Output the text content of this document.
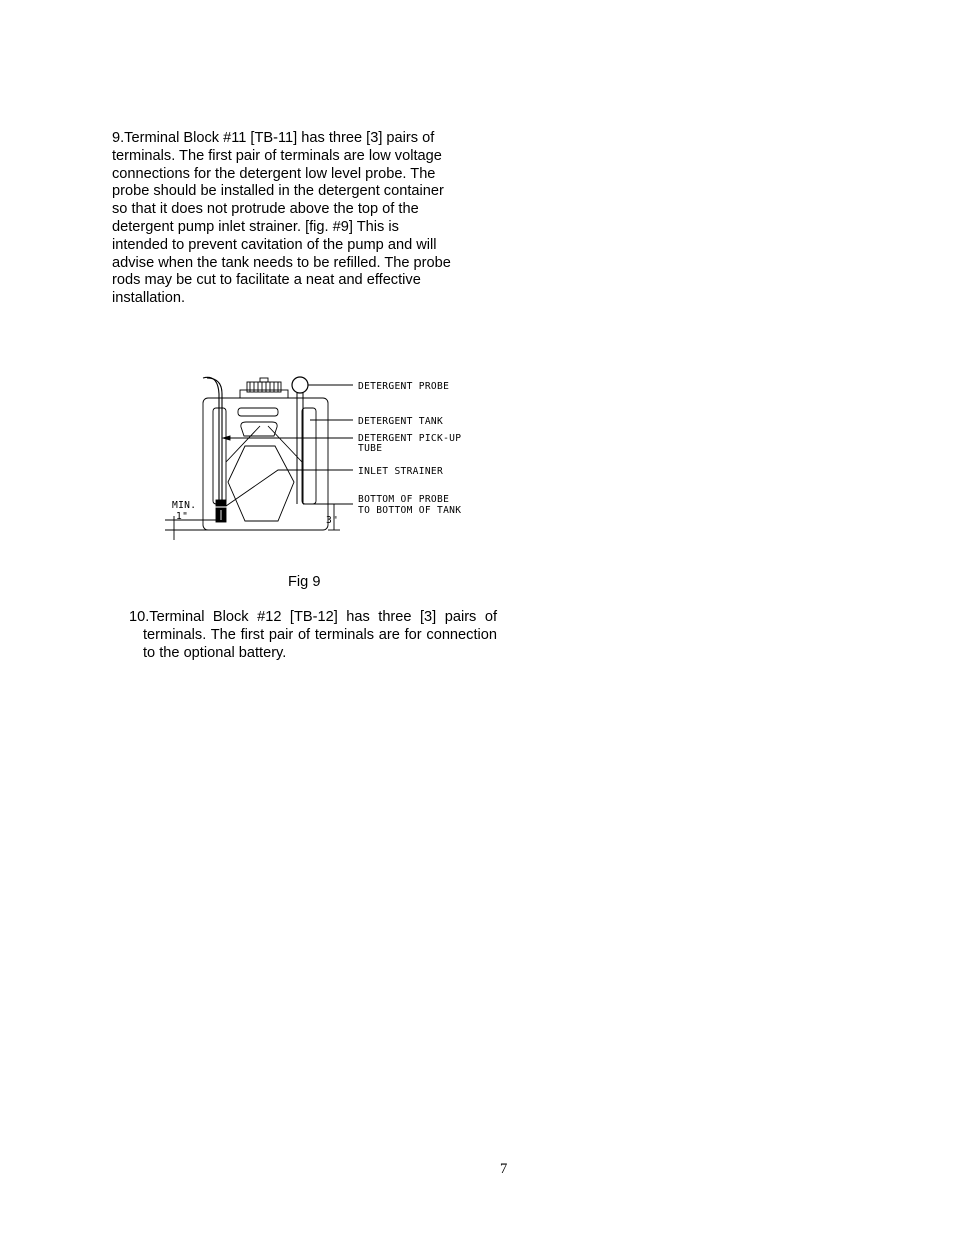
9.Terminal Block #11 [TB-11] has three [3] pairs of
terminals. The first pair of terminals are low voltage
connections for the detergent low level probe. The
probe should be installed in the detergent container
so that it does not protrude above the top of the
detergent pump inlet strainer. [fig. #9] This is
intended to prevent cavitation of the pump and will
advise when the tank needs to be refilled. The probe
rods may be cut to facilitate a neat and effective
installation.
DETERGENT PROBE
DETERGENT TANK
DETERGENT PICK-UP
TUBE
INLET STRAINER
BOTTOM OF PROBE
TO BOTTOM OF TANK
MIN.
1"	3"
Fig 9

10.Terminal Block #12 [TB-12] has three [3] pairs of terminals. The first pair of terminals are for connection to the optional battery.

7
